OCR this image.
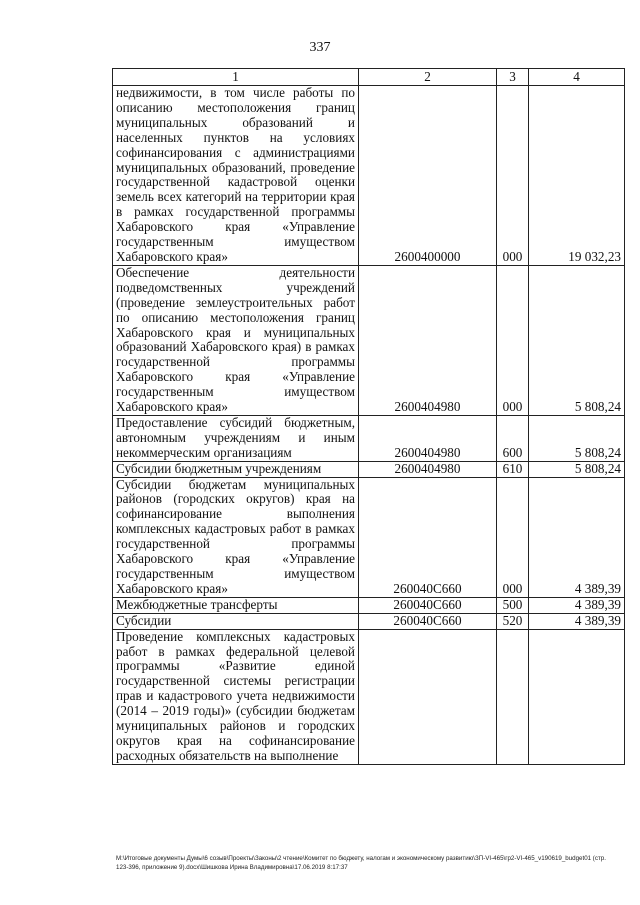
337
1	2	3	4
недвижимости, в том числе работы по описанию местоположения границ муниципальных образований и населенных пунктов на условиях софинансирования с администрациями муниципальных образований, проведение государственной кадастровой оценки земель всех категорий на территории края в рамках государственной программы Хабаровского края «Управление государственным имуществом Хабаровского края»	2600400000	000	19 032,23
Обеспечение деятельности подведомственных учреждений (проведение землеустроительных работ по описанию местоположения границ Хабаровского края и муниципальных образований Хабаровского края) в рамках государственной программы Хабаровского края «Управление государственным имуществом Хабаровского края»	2600404980	000	5 808,24
Предоставление субсидий бюджетным, автономным учреждениям и иным некоммерческим организациям	2600404980	600	5 808,24
Субсидии бюджетным учреждениям	2600404980	610	5 808,24
Субсидии бюджетам муниципальных районов (городских округов) края на софинансирование выполнения комплексных кадастровых работ в рамках государственной программы Хабаровского края «Управление государственным имуществом Хабаровского края»	260040С660	000	4 389,39
Межбюджетные трансферты	260040С660	500	4 389,39
Субсидии	260040С660	520	4 389,39
Проведение комплексных кадастровых работ в рамках федеральной целевой программы «Развитие единой государственной системы регистрации прав и кадастрового учета недвижимости (2014 – 2019 годы)» (субсидии бюджетам муниципальных районов и городских округов края на софинансирование расходных обязательств на выполнение			
M:\Итоговые документы Думы\6 созыв\Проекты\Законы\2 чтение\Комитет по бюджету, налогам и экономическому развитию\ЗП-VI-465\гр2-VI-465_v190619_budget01 (стр.123-396, приложение 9).docx\Шишкова Ирина Владимировна\17.06.2019 8:17:37
